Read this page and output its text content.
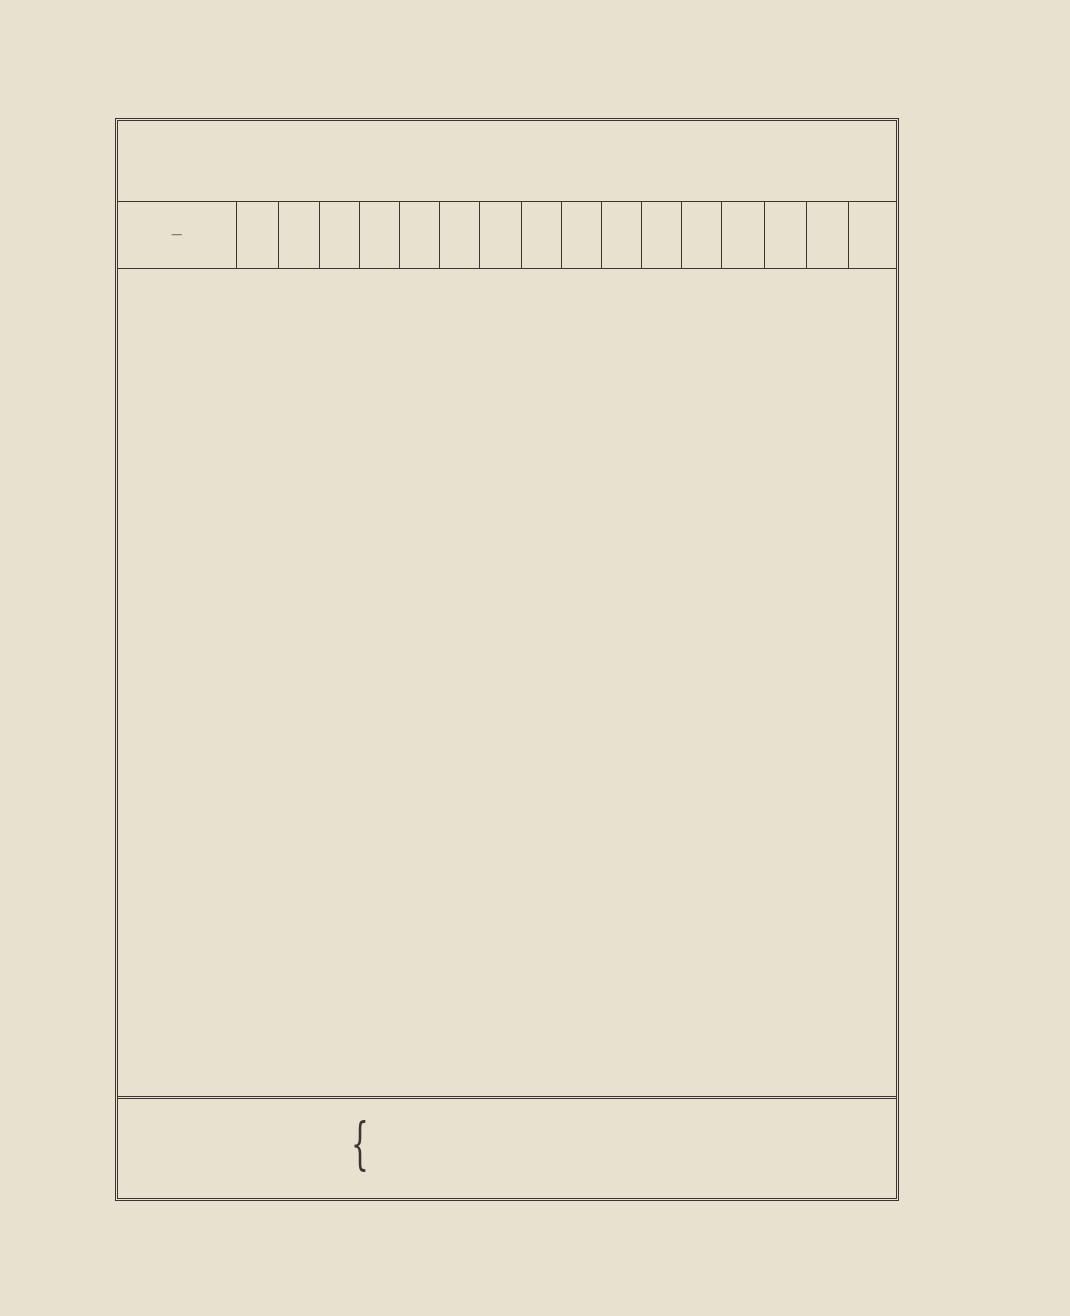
—

{
